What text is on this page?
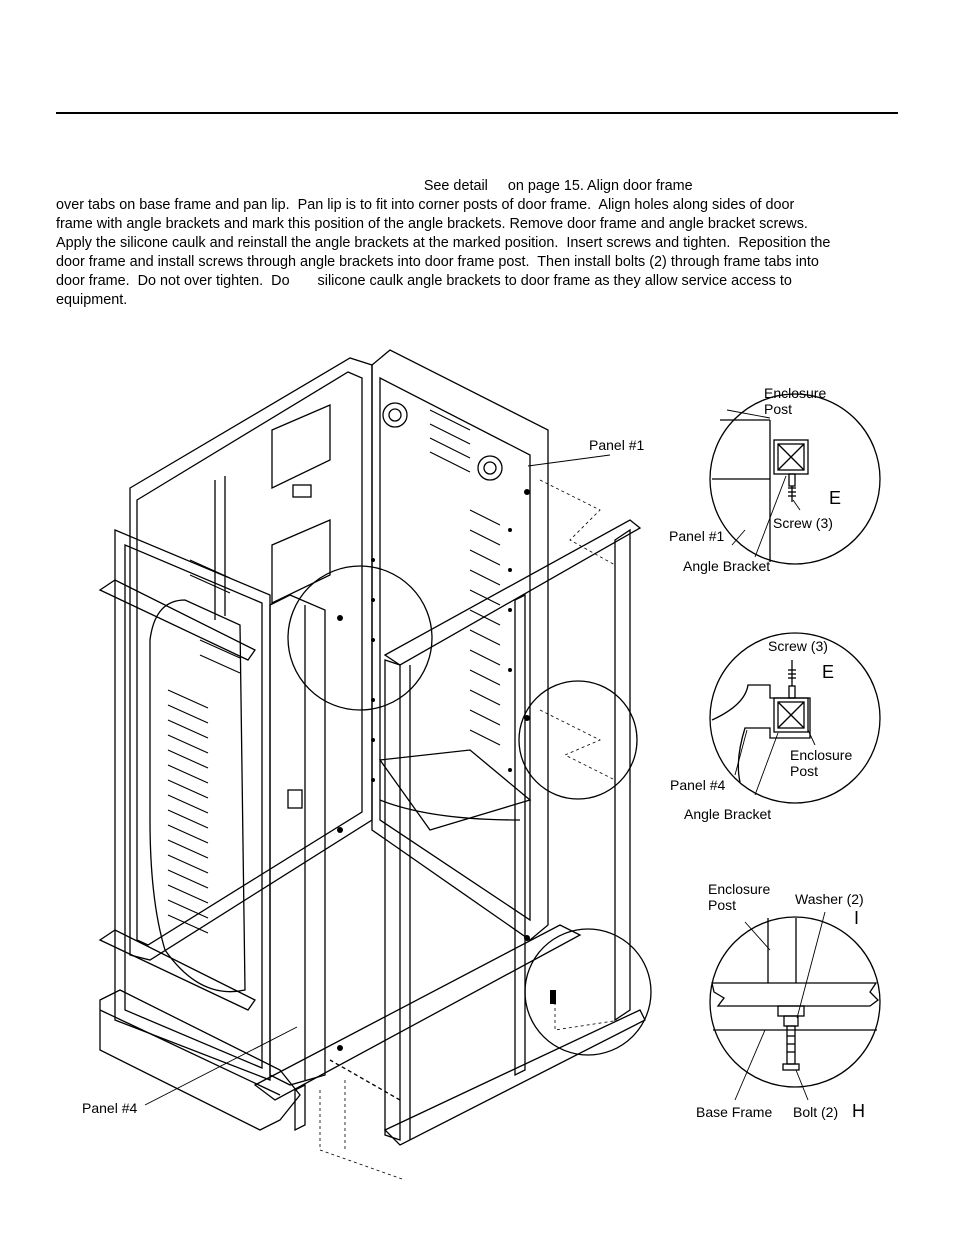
See detail     on page 15. Align door frame
over tabs on base frame and pan lip.  Pan lip is to fit into corner posts of door frame.  Align holes along sides of door
frame with angle brackets and mark this position of the angle brackets. Remove door frame and angle bracket screws.
Apply the silicone caulk and reinstall the angle brackets at the marked position.  Insert screws and tighten.  Reposition the
door frame and install screws through angle brackets into door frame post.  Then install bolts (2) through frame tabs into
door frame.  Do not over tighten.  Do       silicone caulk angle brackets to door frame as they allow service access to
equipment.
Panel #1
Panel #4
Enclosure
Post
E
Panel #1
Screw (3)
Angle Bracket
Screw (3)
E
Enclosure
Post
Panel #4
Angle Bracket
Enclosure
Post	Washer (2)
I
Base Frame Bolt (2) H
